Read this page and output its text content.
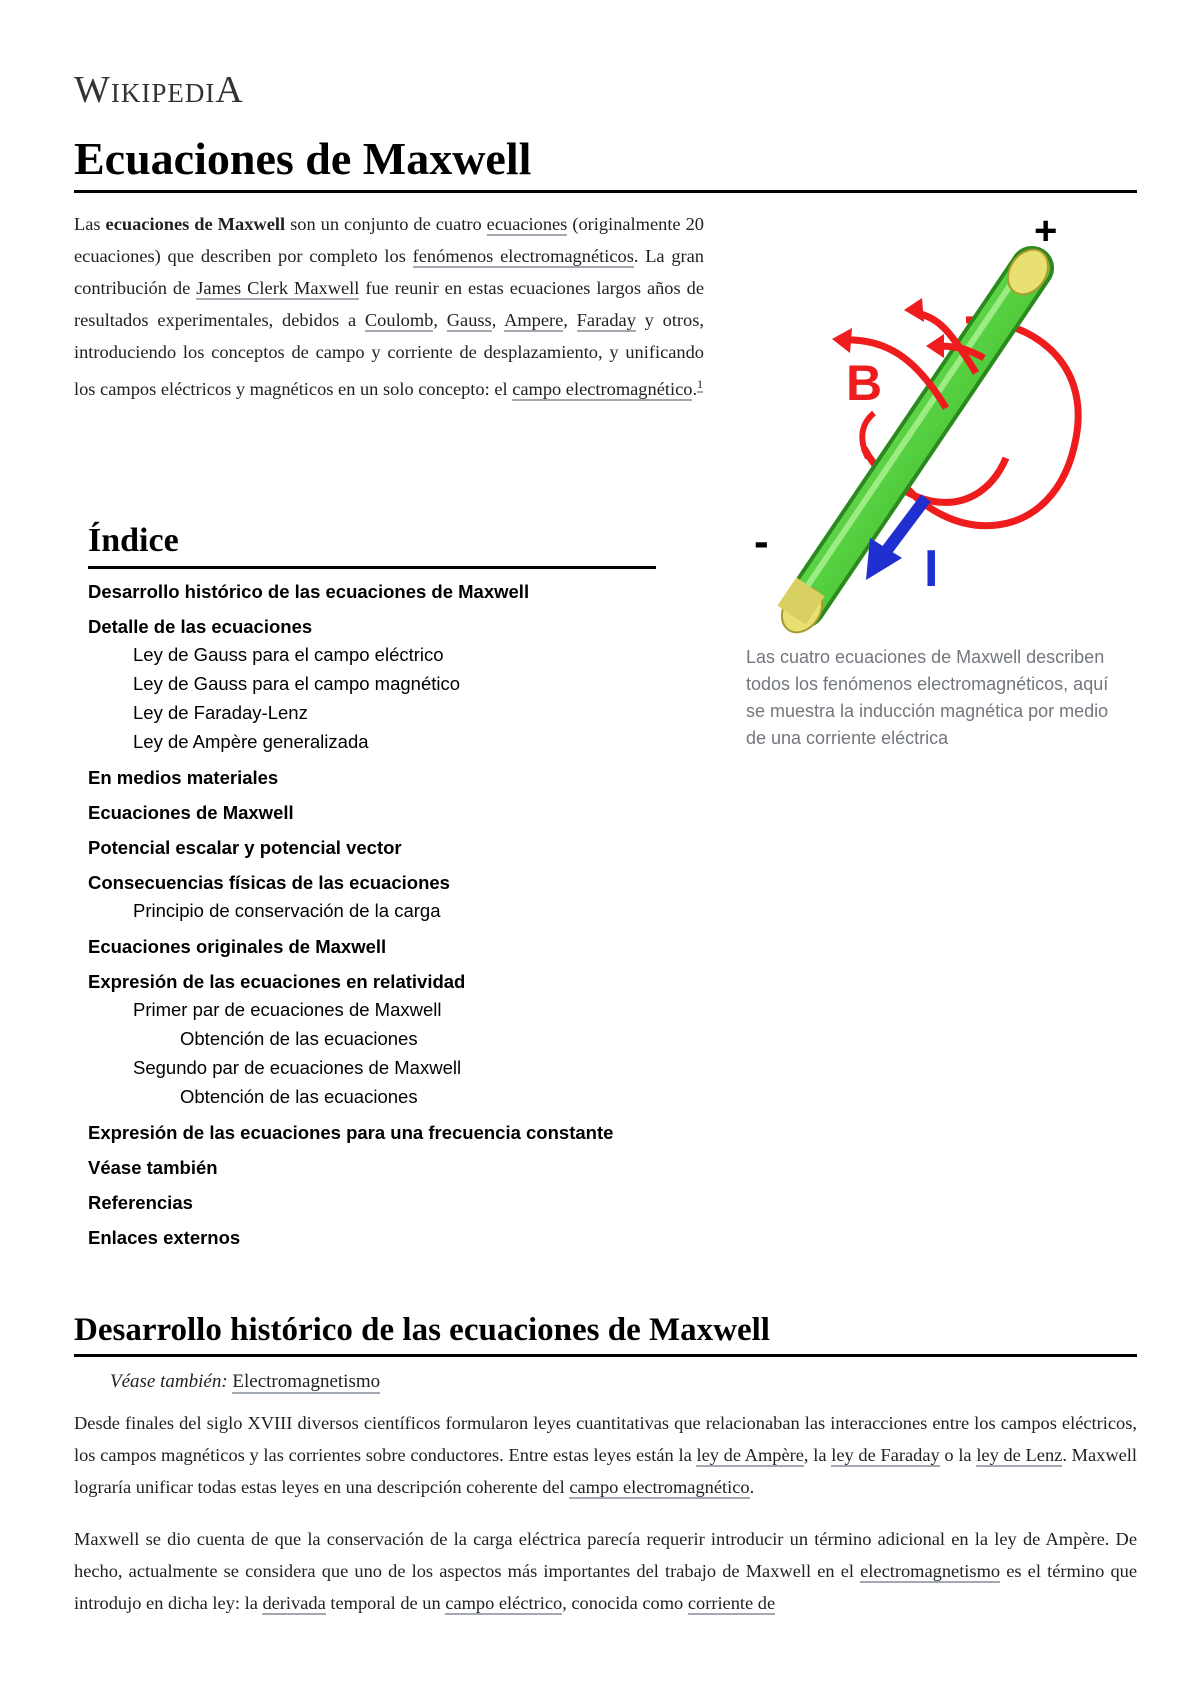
WIKIPEDIA
Ecuaciones de Maxwell
Las ecuaciones de Maxwell son un conjunto de cuatro ecuaciones (originalmente 20 ecuaciones) que describen por completo los fenómenos electromagnéticos. La gran contribución de James Clerk Maxwell fue reunir en estas ecuaciones largos años de resultados experimentales, debidos a Coulomb, Gauss, Ampere, Faraday y otros, introduciendo los conceptos de campo y corriente de desplazamiento, y unificando los campos eléctricos y magnéticos en un solo concepto: el campo electromagnético.$^1$
+
-
B
I
Las cuatro ecuaciones de Maxwell describen todos los fenómenos electromagnéticos, aquí se muestra la inducción magnética por medio de una corriente eléctrica
Índice
Desarrollo histórico de las ecuaciones de Maxwell
Detalle de las ecuaciones
Ley de Gauss para el campo eléctrico
Ley de Gauss para el campo magnético
Ley de Faraday-Lenz
Ley de Ampère generalizada
En medios materiales
Ecuaciones de Maxwell
Potencial escalar y potencial vector
Consecuencias físicas de las ecuaciones
Principio de conservación de la carga
Ecuaciones originales de Maxwell
Expresión de las ecuaciones en relatividad
Primer par de ecuaciones de Maxwell
Obtención de las ecuaciones
Segundo par de ecuaciones de Maxwell
Obtención de las ecuaciones
Expresión de las ecuaciones para una frecuencia constante
Véase también
Referencias
Enlaces externos
Desarrollo histórico de las ecuaciones de Maxwell
Véase también: Electromagnetismo

Desde finales del siglo XVIII diversos científicos formularon leyes cuantitativas que relacionaban las interacciones entre los campos eléctricos, los campos magnéticos y las corrientes sobre conductores. Entre estas leyes están la ley de Ampère, la ley de Faraday o la ley de Lenz. Maxwell lograría unificar todas estas leyes en una descripción coherente del campo electromagnético.

Maxwell se dio cuenta de que la conservación de la carga eléctrica parecía requerir introducir un término adicional en la ley de Ampère. De hecho, actualmente se considera que uno de los aspectos más importantes del trabajo de Maxwell en el electromagnetismo es el término que introdujo en dicha ley: la derivada temporal de un campo eléctrico, conocida como corriente de
